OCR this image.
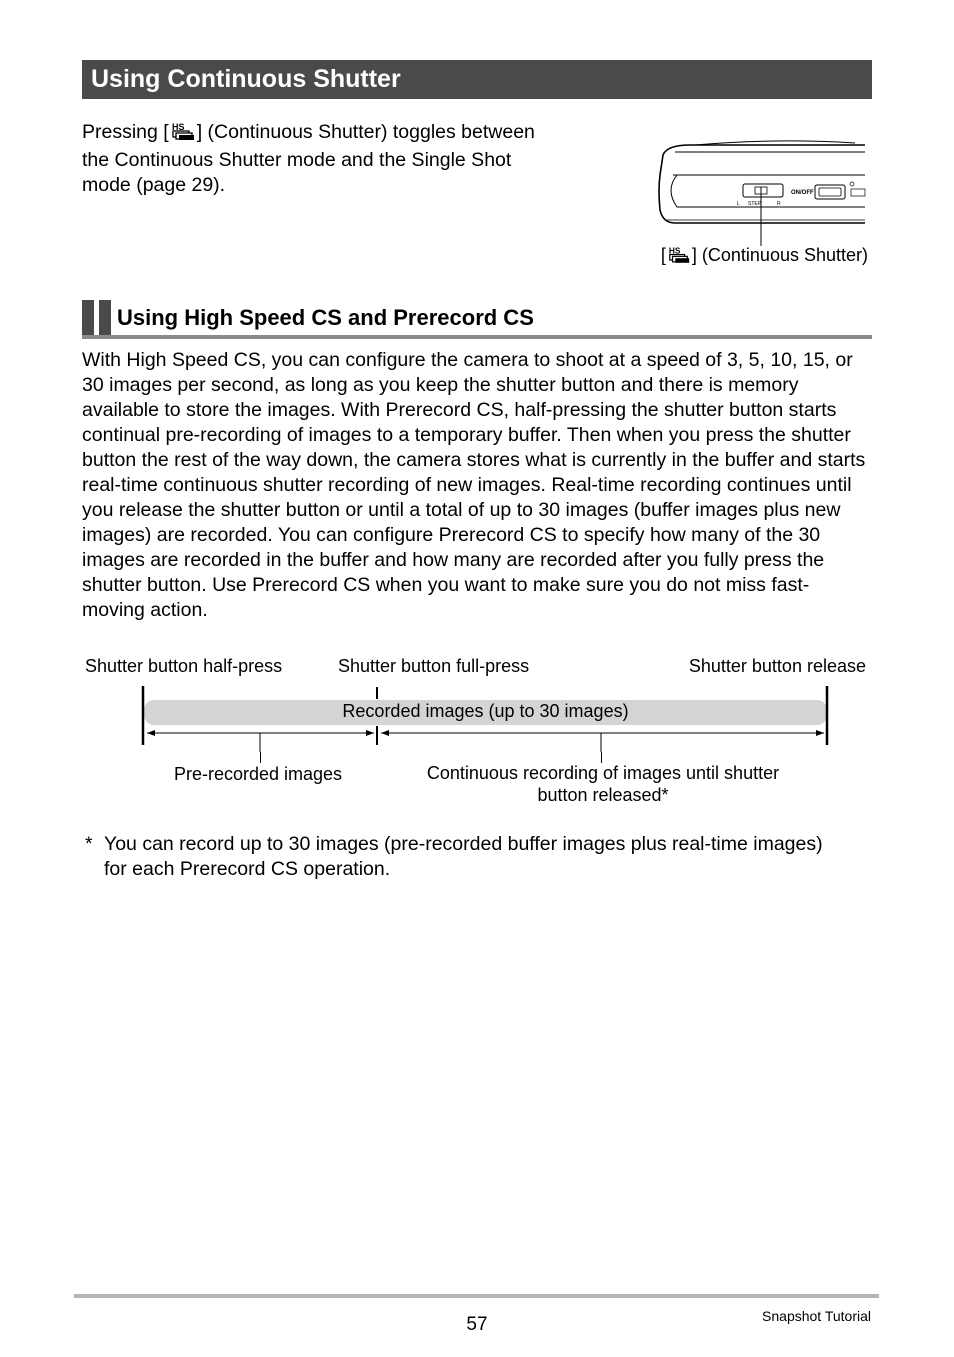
Using Continuous Shutter
Pressing [ HS ] (Continuous Shutter) toggles between the Continuous Shutter mode and the Single Shot mode (page 29).
L STEP	R
ON/OFF
[ HS ] (Continuous Shutter)
Using High Speed CS and Prerecord CS
With High Speed CS, you can configure the camera to shoot at a speed of 3, 5, 10, 15, or 30 images per second, as long as you keep the shutter button and there is memory available to store the images. With Prerecord CS, half-pressing the shutter button starts continual pre-recording of images to a temporary buffer. Then when you press the shutter button the rest of the way down, the camera stores what is currently in the buffer and starts real-time continuous shutter recording of new images. Real-time recording continues until you release the shutter button or until a total of up to 30 images (buffer images plus new images) are recorded. You can configure Prerecord CS to specify how many of the 30 images are recorded in the buffer and how many are recorded after you fully press the shutter button. Use Prerecord CS when you want to make sure you do not miss fast-moving action.
Shutter button half-press	Shutter button full-press	Shutter button release
Recorded images (up to 30 images)
Pre-recorded images	Continuous recording of images until shutter
button released*
* You can record up to 30 images (pre-recorded buffer images plus real-time images) for each Prerecord CS operation.
57	Snapshot Tutorial
